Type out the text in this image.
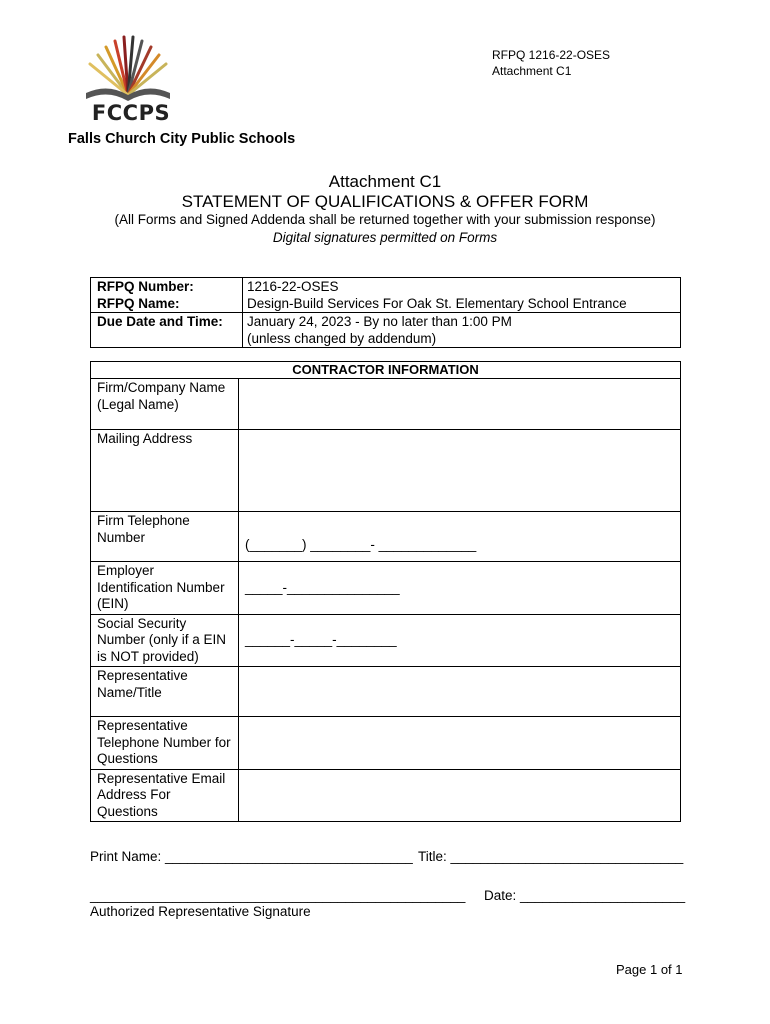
FCCPS
RFPQ 1216-22-OSES
Attachment C1
Falls Church City Public Schools
Attachment C1
STATEMENT OF QUALIFICATIONS & OFFER FORM
(All Forms and Signed Addenda shall be returned together with your submission response)
Digital signatures permitted on Forms
RFPQ Number:	1216-22-OSES
RFPQ Name:	Design-Build Services For Oak St. Elementary School Entrance
Due Date and Time:	January 24, 2023 - By no later than 1:00 PM
(unless changed by addendum)
CONTRACTOR INFORMATION	
Firm/Company Name (Legal Name)	
Mailing Address	
Firm Telephone Number	(_______) ________- _____________
Employer Identification Number (EIN)	_____-_______________
Social Security Number (only if a EIN is NOT provided)	______-_____-________
Representative Name/Title	
Representative Telephone Number for Questions	
Representative Email Address For Questions	
Print Name: _________________________________ Title: _______________________________
__________________________________________________ Date: ______________________
Authorized Representative Signature
Page 1 of 1
